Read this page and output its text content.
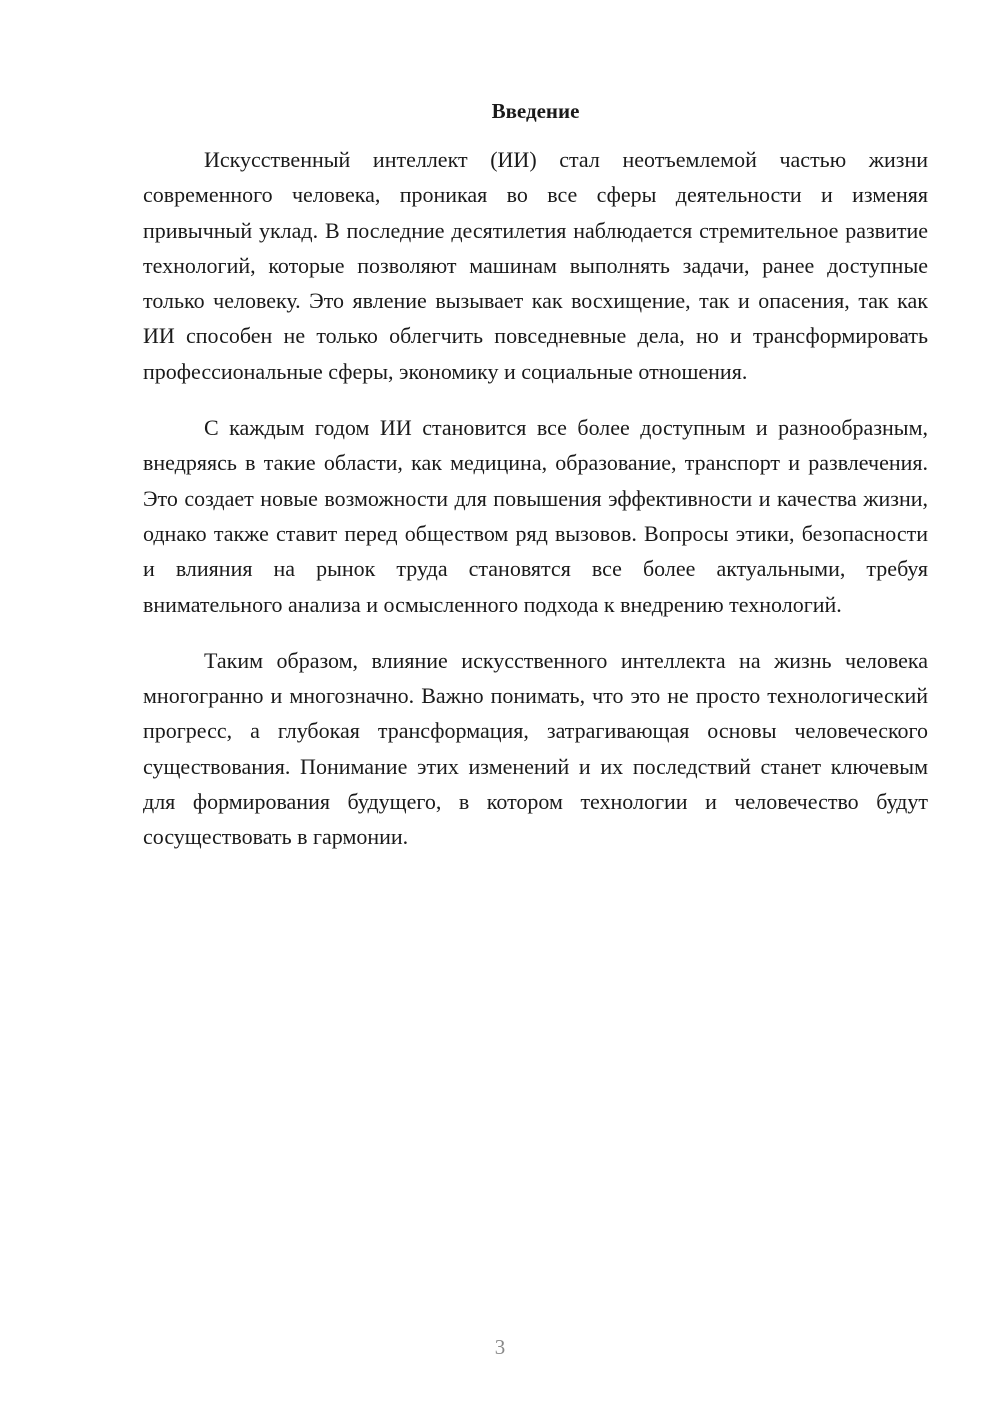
Введение

Искусственный интеллект (ИИ) стал неотъемлемой частью жизни современного человека, проникая во все сферы деятельности и изменяя привычный уклад. В последние десятилетия наблюдается стремительное развитие технологий, которые позволяют машинам выполнять задачи, ранее доступные только человеку. Это явление вызывает как восхищение, так и опасения, так как ИИ способен не только облегчить повседневные дела, но и трансформировать профессиональные сферы, экономику и социальные отношения.

С каждым годом ИИ становится все более доступным и разнообразным, внедряясь в такие области, как медицина, образование, транспорт и развлечения. Это создает новые возможности для повышения эффективности и качества жизни, однако также ставит перед обществом ряд вызовов. Вопросы этики, безопасности и влияния на рынок труда становятся все более актуальными, требуя внимательного анализа и осмысленного подхода к внедрению технологий.

Таким образом, влияние искусственного интеллекта на жизнь человека многогранно и многозначно. Важно понимать, что это не просто технологический прогресс, а глубокая трансформация, затрагивающая основы человеческого существования. Понимание этих изменений и их последствий станет ключевым для формирования будущего, в котором технологии и человечество будут сосуществовать в гармонии.

3
